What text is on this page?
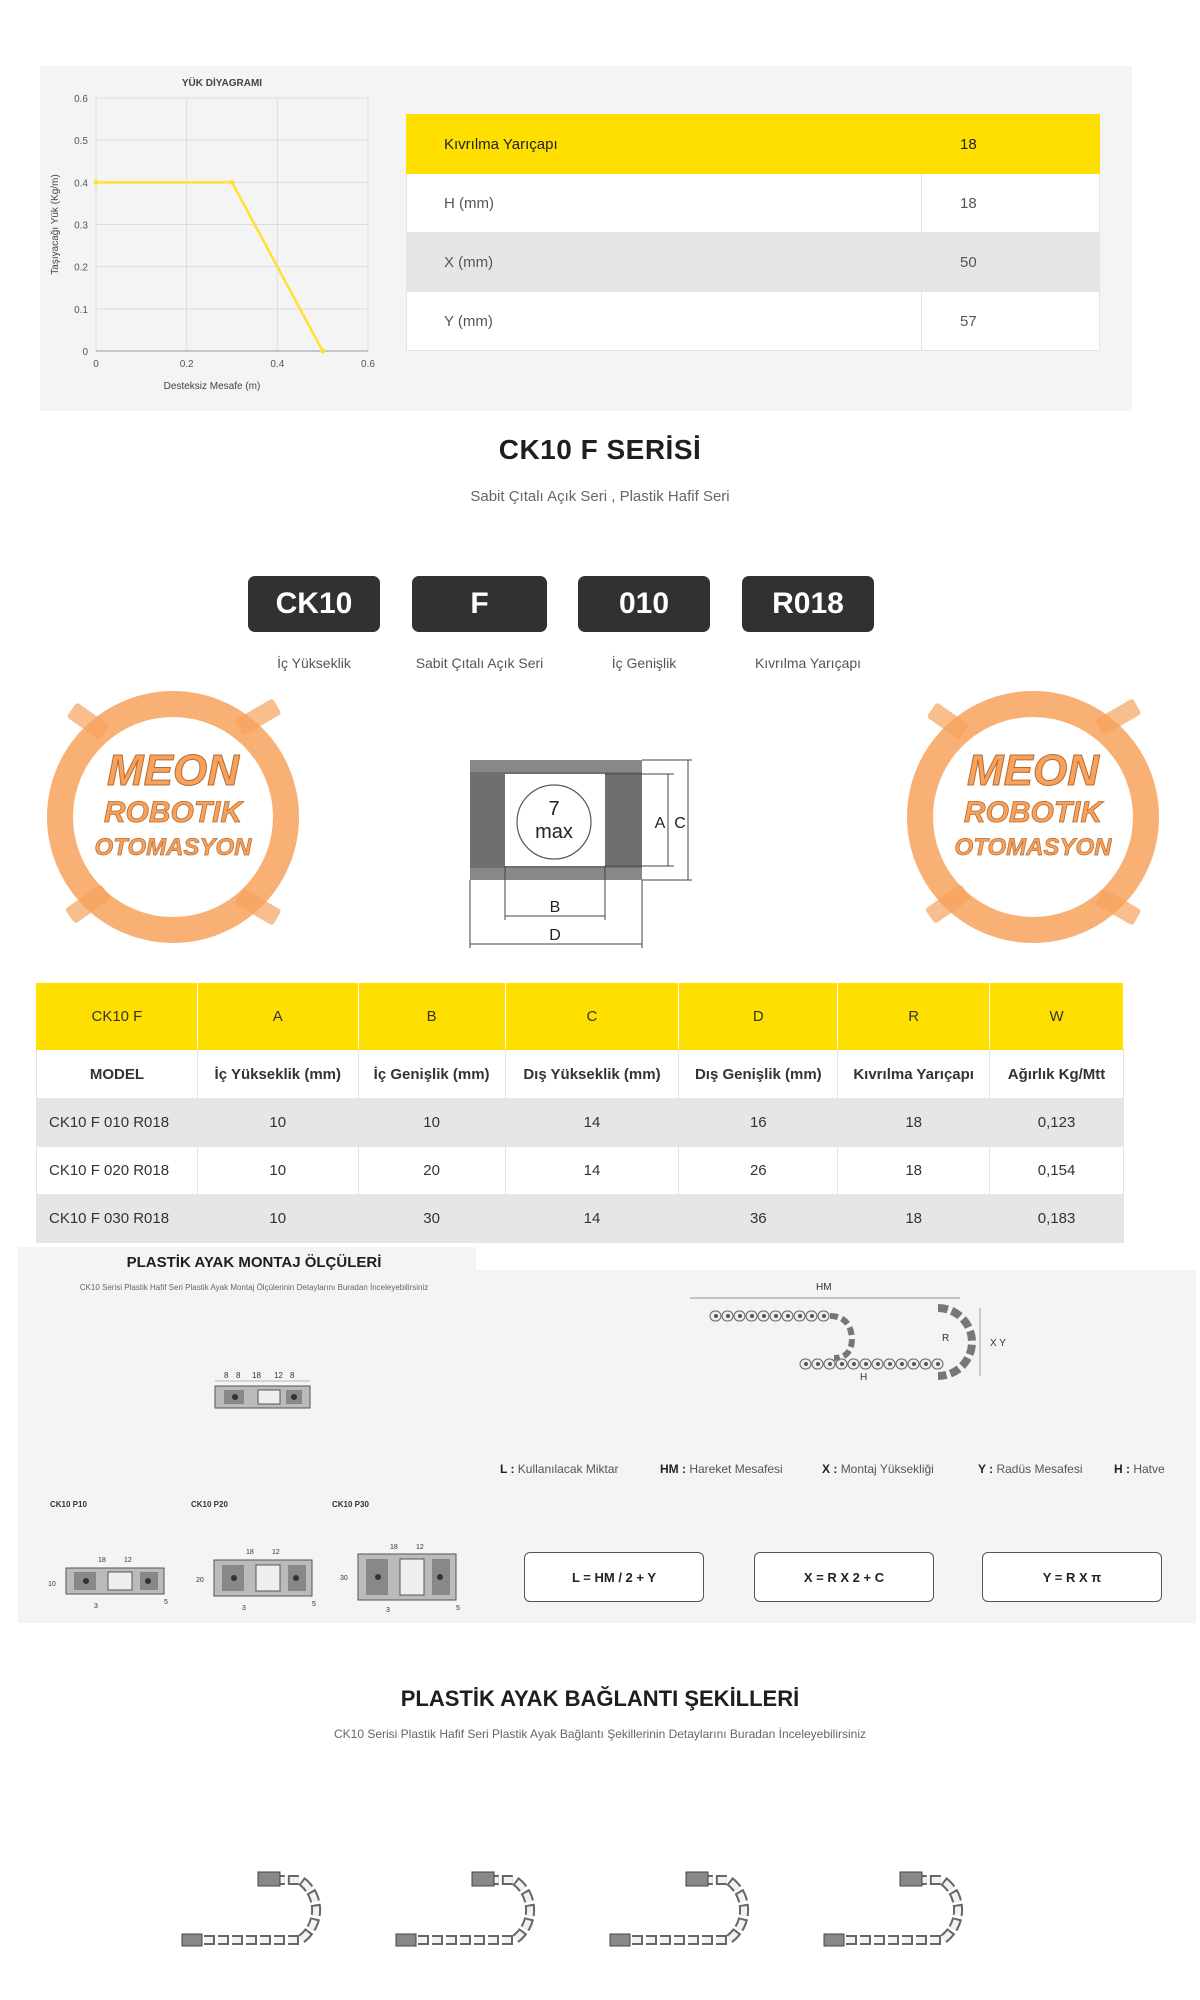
0
0.1
0.2
0.3
0.4
0.5
0.6
0	0.2	0.4	0.6
YÜK DİYAGRAMI
Desteksiz Mesafe (m)
Taşıyacağı Yük (Kg/m)
Kıvrılma Yarıçapı	18
H (mm)	18
X (mm)	50
Y (mm)	57
CK10 F SERİSİ
Sabit Çıtalı Açık Seri , Plastik Hafif Seri
CK10	F	010	R018
İç Yükseklik	Sabit Çıtalı Açık Seri	İç Genişlik	Kıvrılma Yarıçapı
MEON
ROBOTIK
OTOMASYON
MEON
ROBOTIK
OTOMASYON
7
max	A C
B
D
CK10 F	A	B	C	D	R	W
MODEL	İç Yükseklik (mm)	İç Genişlik (mm)	Dış Yükseklik (mm)	Dış Genişlik (mm)	Kıvrılma Yarıçapı	Ağırlık Kg/Mtt
CK10 F 010 R018	10	10	14	16	18	0,123
CK10 F 020 R018	10	20	14	26	18	0,154
CK10 F 030 R018	10	30	14	36	18	0,183
PLASTİK AYAK MONTAJ ÖLÇÜLERİ
CK10 Serisi Plastik Hafif Seri Plastik Ayak Montaj Ölçülerinin Detaylarını Buradan İnceleyebilirsiniz
8 8 18 12 8
CK10 P10	CK10 P20	CK10 P30
18	12
10
3
5
18	12
20
3
5
18	12
30
3	5
HM
R	X Y
H
L : Kullanılacak Miktar	HM : Hareket Mesafesi	X : Montaj Yüksekliği	Y : Radüs Mesafesi	H : Hatve
L = HM / 2 + Y	X = R X 2 + C	Y = R X π
PLASTİK AYAK BAĞLANTI ŞEKİLLERİ
CK10 Serisi Plastik Hafif Seri Plastik Ayak Bağlantı Şekillerinin Detaylarını Buradan İnceleyebilirsiniz
